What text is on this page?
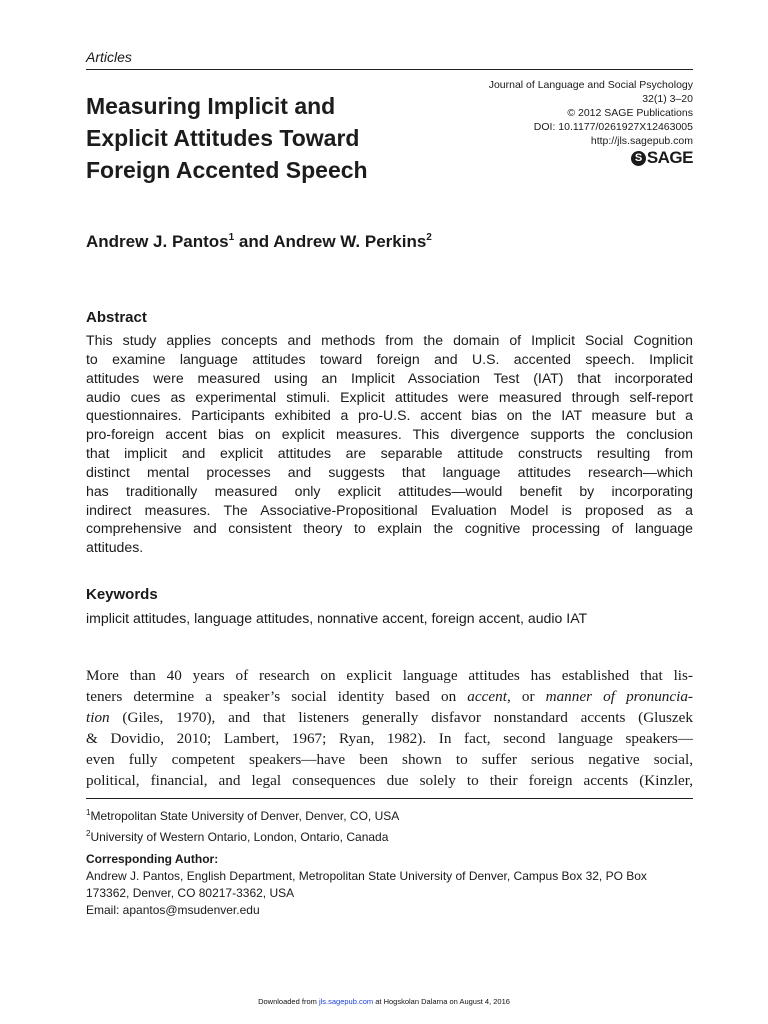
Articles
Measuring Implicit and
Explicit Attitudes Toward
Foreign Accented Speech
Journal of Language and Social Psychology
32(1) 3–20
© 2012 SAGE Publications
DOI: 10.1177/0261927X12463005
http://jls.sagepub.com
S SAGE
Andrew J. Pantos$^1$ and Andrew W. Perkins$^2$
Abstract
This study applies concepts and methods from the domain of Implicit Social Cognition
to examine language attitudes toward foreign and U.S. accented speech. Implicit
attitudes were measured using an Implicit Association Test (IAT) that incorporated
audio cues as experimental stimuli. Explicit attitudes were measured through self-report
questionnaires. Participants exhibited a pro-U.S. accent bias on the IAT measure but a
pro-foreign accent bias on explicit measures. This divergence supports the conclusion
that implicit and explicit attitudes are separable attitude constructs resulting from
distinct mental processes and suggests that language attitudes research—which
has traditionally measured only explicit attitudes—would benefit by incorporating
indirect measures. The Associative-Propositional Evaluation Model is proposed as a
comprehensive and consistent theory to explain the cognitive processing of language
attitudes.
Keywords
implicit attitudes, language attitudes, nonnative accent, foreign accent, audio IAT
More than 40 years of research on explicit language attitudes has established that lis-
teners determine a speaker’s social identity based on accent, or manner of pronuncia-
tion (Giles, 1970), and that listeners generally disfavor nonstandard accents (Gluszek
& Dovidio, 2010; Lambert, 1967; Ryan, 1982). In fact, second language speakers—
even fully competent speakers—have been shown to suffer serious negative social,
political, financial, and legal consequences due solely to their foreign accents (Kinzler,
$^1$Metropolitan State University of Denver, Denver, CO, USA
$^2$University of Western Ontario, London, Ontario, Canada
Corresponding Author:
Andrew J. Pantos, English Department, Metropolitan State University of Denver, Campus Box 32, PO Box
173362, Denver, CO 80217-3362, USA
Email: apantos@msudenver.edu
Downloaded from jls.sagepub.com at Hogskolan Dalarna on August 4, 2016
